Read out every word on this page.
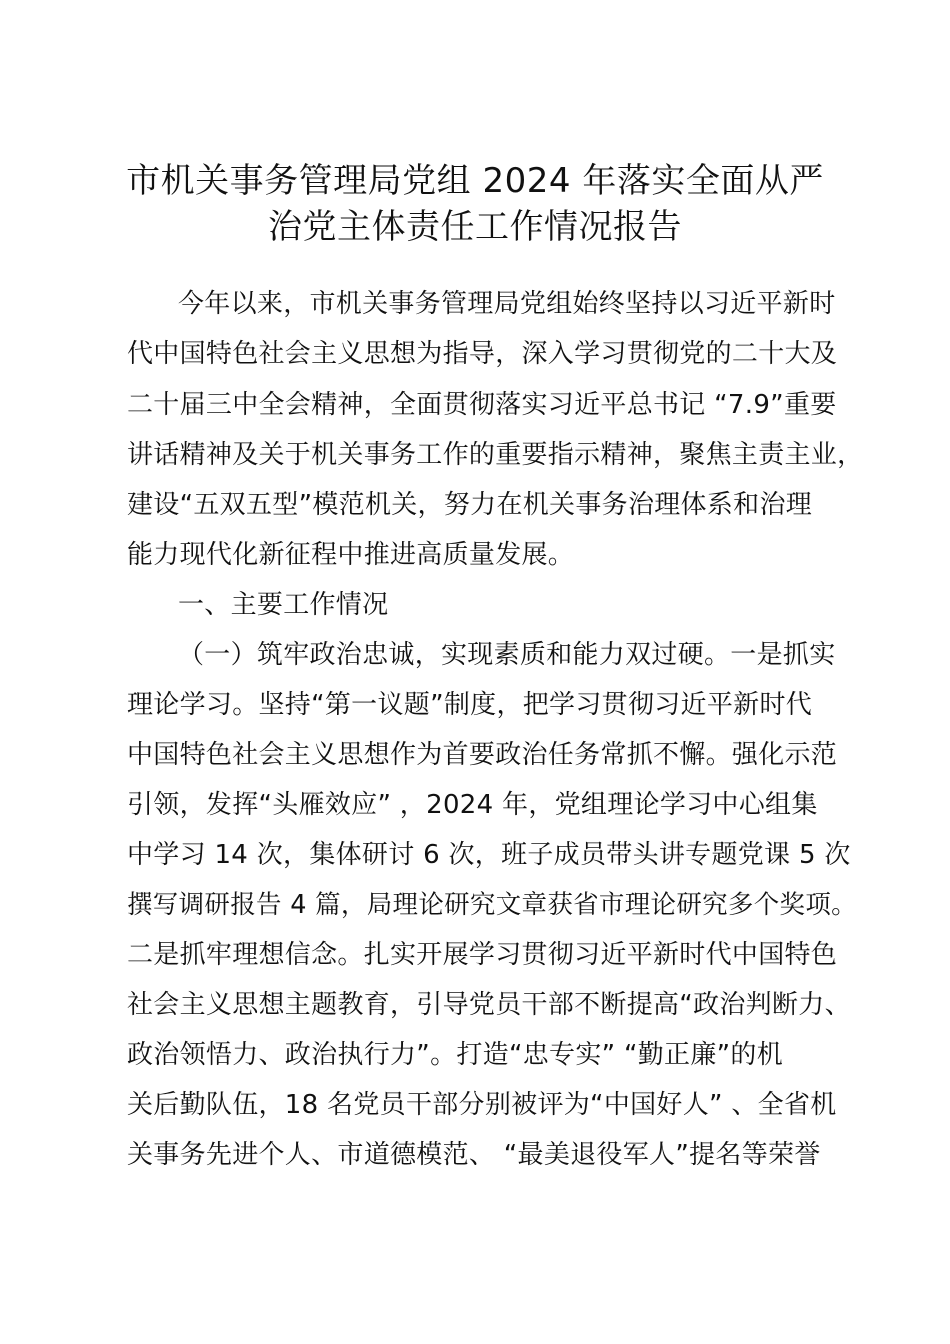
市机关事务管理局党组 2024 年落实全面从严
治党主体责任工作情况报告
今年以来，市机关事务管理局党组始终坚持以习近平新时
代中国特色社会主义思想为指导，深入学习贯彻党的二十大及
二十届三中全会精神，全面贯彻落实习近平总书记 “7.9”重要
讲话精神及关于机关事务工作的重要指示精神，聚焦主责主业，
建设“五双五型”模范机关，努力在机关事务治理体系和治理
能力现代化新征程中推进高质量发展。
一、主要工作情况
（一）筑牢政治忠诚，实现素质和能力双过硬。一是抓实
理论学习。坚持“第一议题”制度，把学习贯彻习近平新时代
中国特色社会主义思想作为首要政治任务常抓不懈。强化示范
引领，发挥“头雁效应” ，2024 年，党组理论学习中心组集
中学习 14 次，集体研讨 6 次，班子成员带头讲专题党课 5 次
撰写调研报告 4 篇，局理论研究文章获省市理论研究多个奖项。
二是抓牢理想信念。扎实开展学习贯彻习近平新时代中国特色
社会主义思想主题教育，引导党员干部不断提高“政治判断力、
政治领悟力、政治执行力”。打造“忠专实” “勤正廉”的机
关后勤队伍，18 名党员干部分别被评为“中国好人” 、全省机
关事务先进个人、市道德模范、 “最美退役军人”提名等荣誉
